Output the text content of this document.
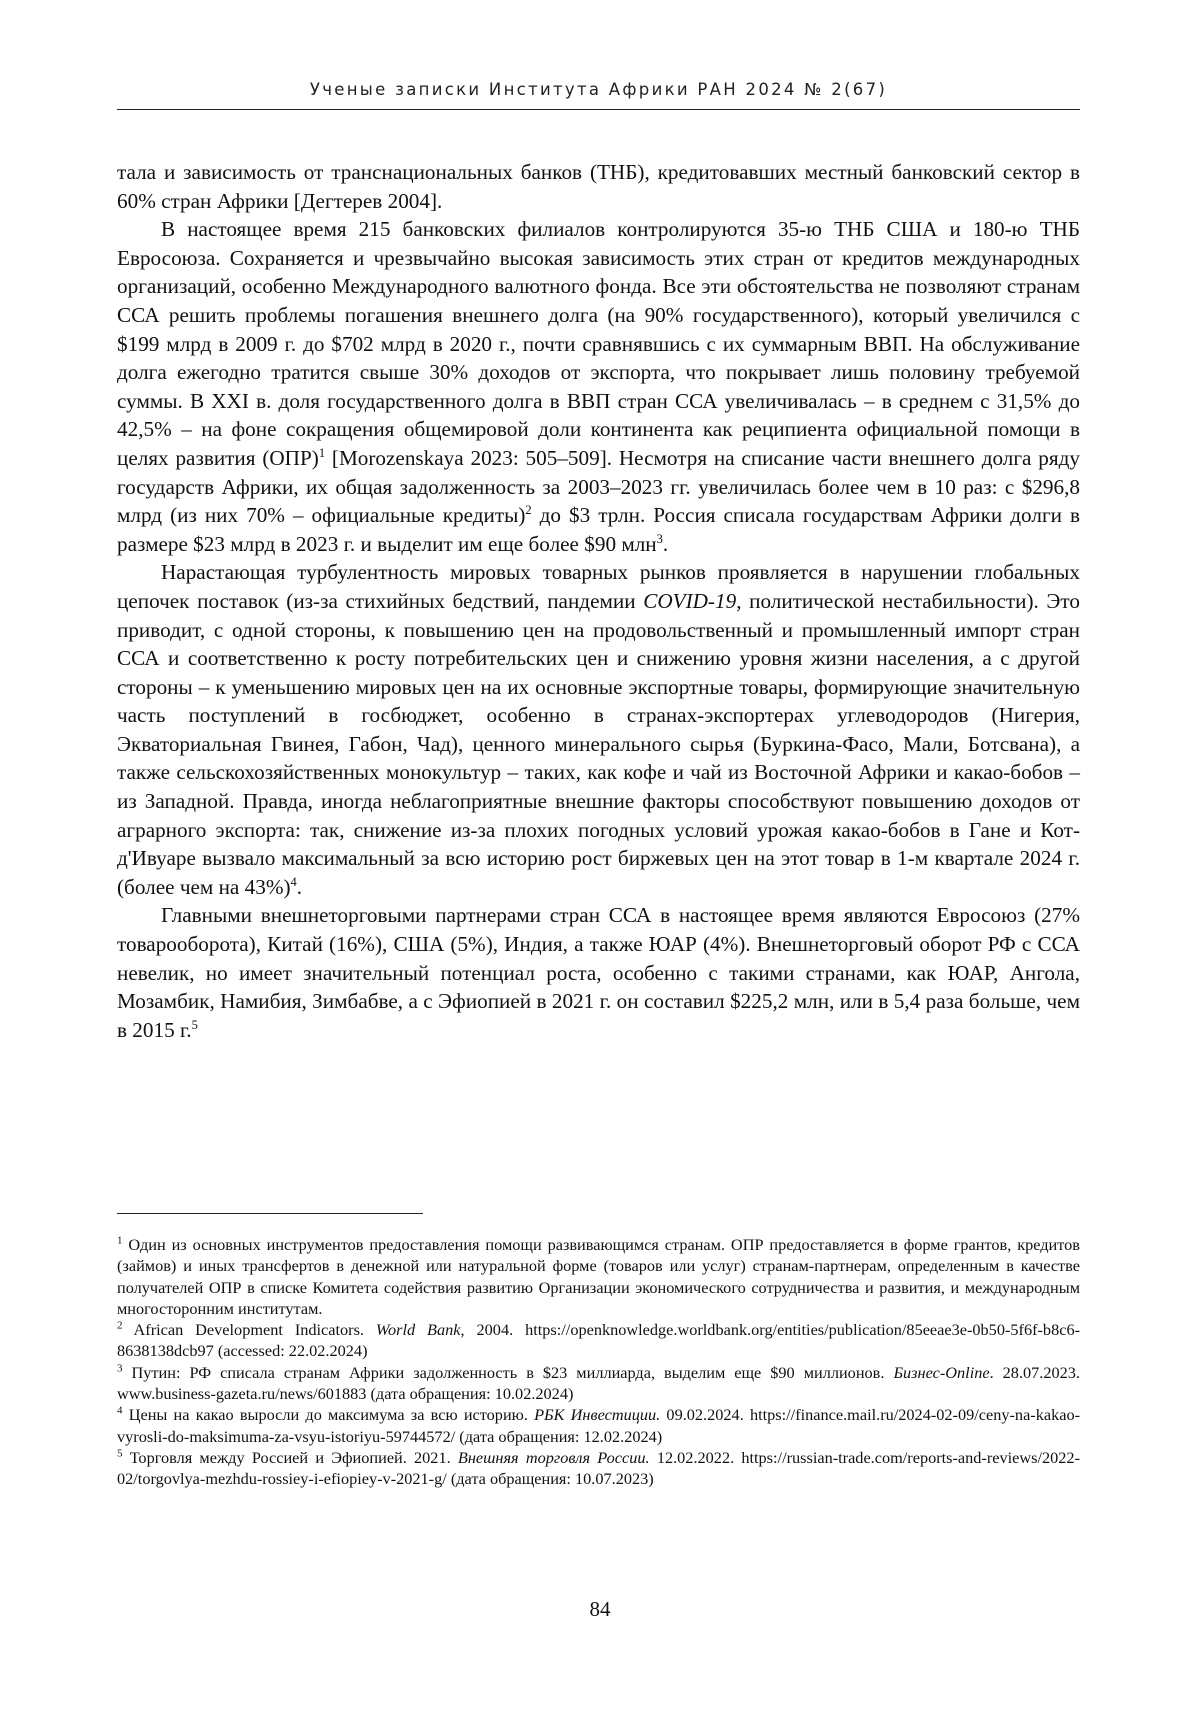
Ученые записки Института Африки РАН 2024 № 2(67)

тала и зависимость от транснациональных банков (ТНБ), кредитовавших местный банковский сектор в 60% стран Африки [Дегтерев 2004].

В настоящее время 215 банковских филиалов контролируются 35-ю ТНБ США и 180-ю ТНБ Евросоюза. Сохраняется и чрезвычайно высокая зависимость этих стран от кредитов международных организаций, особенно Международного валютного фонда. Все эти обстоятельства не позволяют странам ССА решить проблемы погашения внешнего долга (на 90% государственного), который увеличился с $199 млрд в 2009 г. до $702 млрд в 2020 г., почти сравнявшись с их суммарным ВВП. На обслуживание долга ежегодно тратится свыше 30% доходов от экспорта, что покрывает лишь половину требуемой суммы. В XXI в. доля государственного долга в ВВП стран ССА увеличивалась – в среднем с 31,5% до 42,5% – на фоне сокращения общемировой доли континента как реципиента официальной помощи в целях развития (ОПР)$^1$ [Morozenskaya 2023: 505–509]. Несмотря на списание части внешнего долга ряду государств Африки, их общая задолженность за 2003–2023 гг. увеличилась более чем в 10 раз: с $296,8 млрд (из них 70% – официальные кредиты)$^2$ до $3 трлн. Россия списала государствам Африки долги в размере $23 млрд в 2023 г. и выделит им еще более $90 млн$^3$.

Нарастающая турбулентность мировых товарных рынков проявляется в нарушении глобальных цепочек поставок (из-за стихийных бедствий, пандемии COVID-19, политической нестабильности). Это приводит, с одной стороны, к повышению цен на продовольственный и промышленный импорт стран ССА и соответственно к росту потребительских цен и снижению уровня жизни населения, а с другой стороны – к уменьшению мировых цен на их основные экспортные товары, формирующие значительную часть поступлений в госбюджет, особенно в странах-экспортерах углеводородов (Нигерия, Экваториальная Гвинея, Габон, Чад), ценного минерального сырья (Буркина-Фасо, Мали, Ботсвана), а также сельскохозяйственных монокультур – таких, как кофе и чай из Восточной Африки и какао-бобов – из Западной. Правда, иногда неблагоприятные внешние факторы способствуют повышению доходов от аграрного экспорта: так, снижение из-за плохих погодных условий урожая какао-бобов в Гане и Кот-д'Ивуаре вызвало максимальный за всю историю рост биржевых цен на этот товар в 1-м квартале 2024 г. (более чем на 43%)$^4$.

Главными внешнеторговыми партнерами стран ССА в настоящее время являются Евросоюз (27% товарооборота), Китай (16%), США (5%), Индия, а также ЮАР (4%). Внешнеторговый оборот РФ с ССА невелик, но имеет значительный потенциал роста, особенно с такими странами, как ЮАР, Ангола, Мозамбик, Намибия, Зимбабве, а с Эфиопией в 2021 г. он составил $225,2 млн, или в 5,4 раза больше, чем в 2015 г.$^5$

$^1$ Один из основных инструментов предоставления помощи развивающимся странам. ОПР предоставляется в форме грантов, кредитов (займов) и иных трансфертов в денежной или натуральной форме (товаров или услуг) странам-партнерам, определенным в качестве получателей ОПР в списке Комитета содействия развитию Организации экономического сотрудничества и развития, и международным многосторонним институтам.

$^2$ African Development Indicators. World Bank, 2004. https://openknowledge.worldbank.org/entities/publication/85eeae3e-0b50-5f6f-b8c6-8638138dcb97 (accessed: 22.02.2024)

$^3$ Путин: РФ списала странам Африки задолженность в $23 миллиарда, выделим еще $90 миллионов. Бизнес-Online. 28.07.2023. www.business-gazeta.ru/news/601883 (дата обращения: 10.02.2024)

$^4$ Цены на какао выросли до максимума за всю историю. РБК Инвестиции. 09.02.2024. https://finance.mail.ru/2024-02-09/ceny-na-kakao-vyrosli-do-maksimuma-za-vsyu-istoriyu-59744572/ (дата обращения: 12.02.2024)

$^5$ Торговля между Россией и Эфиопией. 2021. Внешняя торговля России. 12.02.2022. https://russian-trade.com/reports-and-reviews/2022-02/torgovlya-mezhdu-rossiey-i-efiopiey-v-2021-g/ (дата обращения: 10.07.2023)

84
